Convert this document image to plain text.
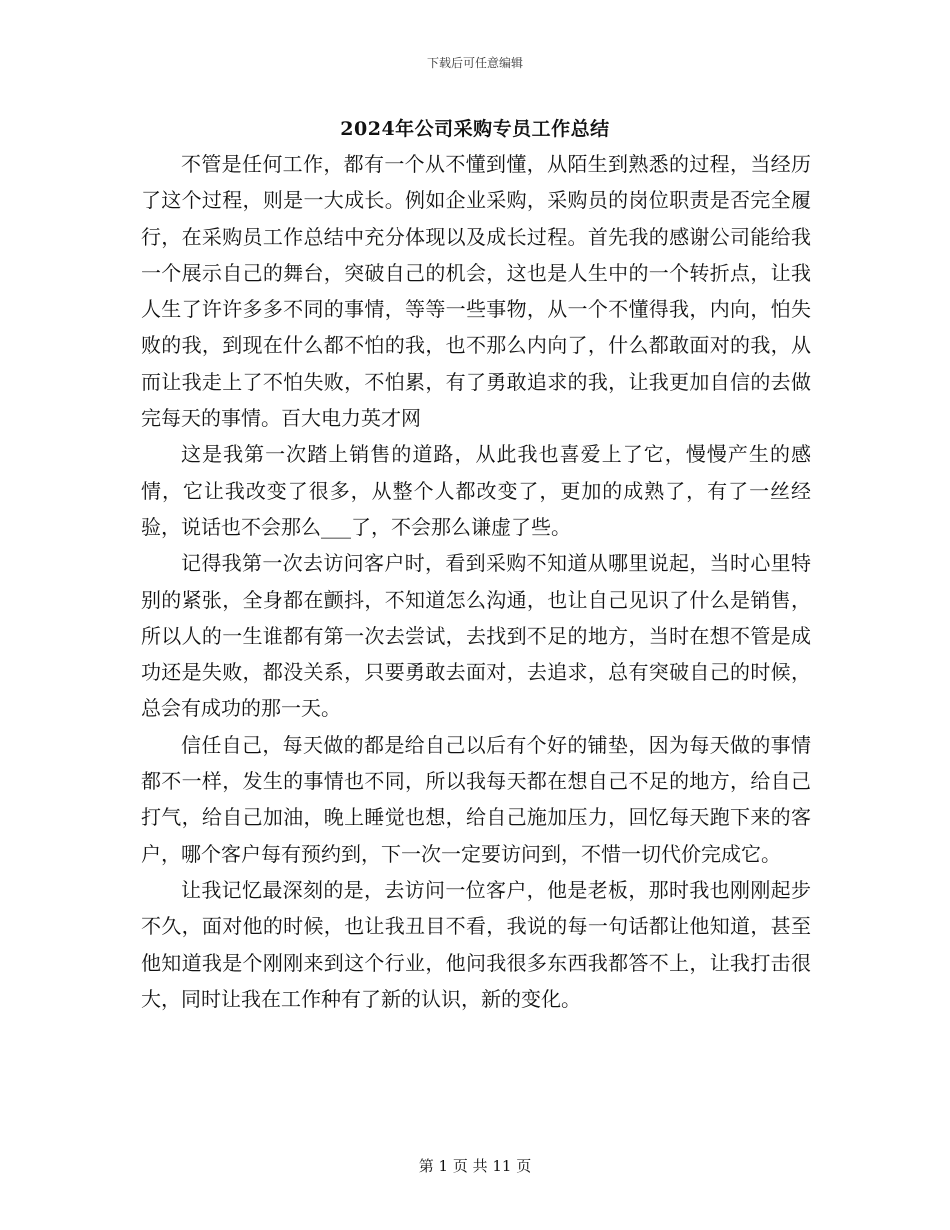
下载后可任意编辑
2024年公司采购专员工作总结

不管是任何工作，都有一个从不懂到懂，从陌生到熟悉的过程，当经历了这个过程，则是一大成长。例如企业采购，采购员的岗位职责是否完全履行，在采购员工作总结中充分体现以及成长过程。首先我的感谢公司能给我一个展示自己的舞台，突破自己的机会，这也是人生中的一个转折点，让我人生了许许多多不同的事情，等等一些事物，从一个不懂得我，内向，怕失败的我，到现在什么都不怕的我，也不那么内向了，什么都敢面对的我，从而让我走上了不怕失败，不怕累，有了勇敢追求的我，让我更加自信的去做完每天的事情。百大电力英才网

这是我第一次踏上销售的道路，从此我也喜爱上了它，慢慢产生的感情，它让我改变了很多，从整个人都改变了，更加的成熟了，有了一丝经验，说话也不会那么___了，不会那么谦虚了些。

记得我第一次去访问客户时，看到采购不知道从哪里说起，当时心里特别的紧张，全身都在颤抖，不知道怎么沟通，也让自己见识了什么是销售，所以人的一生谁都有第一次去尝试，去找到不足的地方，当时在想不管是成功还是失败，都没关系，只要勇敢去面对，去追求，总有突破自己的时候，总会有成功的那一天。

信任自己，每天做的都是给自己以后有个好的铺垫，因为每天做的事情都不一样，发生的事情也不同，所以我每天都在想自己不足的地方，给自己打气，给自己加油，晚上睡觉也想，给自己施加压力，回忆每天跑下来的客户，哪个客户每有预约到，下一次一定要访问到，不惜一切代价完成它。

让我记忆最深刻的是，去访问一位客户，他是老板，那时我也刚刚起步不久，面对他的时候，也让我丑目不看，我说的每一句话都让他知道，甚至他知道我是个刚刚来到这个行业，他问我很多东西我都答不上，让我打击很大，同时让我在工作种有了新的认识，新的变化。

第 1 页 共 11 页
